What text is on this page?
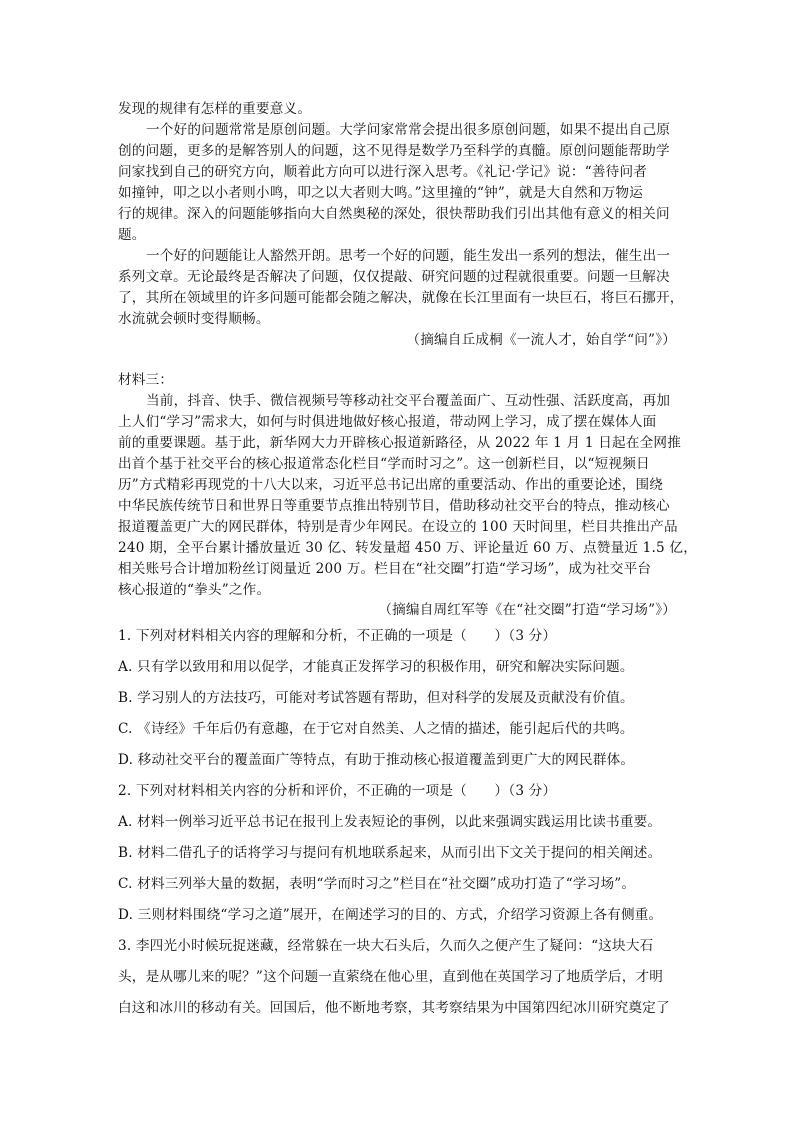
发现的规律有怎样的重要意义。
一个好的问题常常是原创问题。大学问家常常会提出很多原创问题，如果不提出自己原
创的问题，更多的是解答别人的问题，这不见得是数学乃至科学的真髓。原创问题能帮助学
问家找到自己的研究方向，顺着此方向可以进行深入思考。《礼记·学记》说：“善待问者
如撞钟，叩之以小者则小鸣，叩之以大者则大鸣。”这里撞的“钟”，就是大自然和万物运
行的规律。深入的问题能够指向大自然奥秘的深处，很快帮助我们引出其他有意义的相关问
题。
一个好的问题能让人豁然开朗。思考一个好的问题，能生发出一系列的想法，催生出一
系列文章。无论最终是否解决了问题，仅仅提敲、研究问题的过程就很重要。问题一旦解决
了，其所在领域里的许多问题可能都会随之解决，就像在长江里面有一块巨石，将巨石挪开，
水流就会顿时变得顺畅。
（摘编自丘成桐《一流人才，始自学“问”》）
材料三：
当前，抖音、快手、微信视频号等移动社交平台覆盖面广、互动性强、活跃度高，再加
上人们“学习”需求大，如何与时俱进地做好核心报道，带动网上学习，成了摆在媒体人面
前的重要课题。基于此，新华网大力开辟核心报道新路径，从 2022 年 1 月 1 日起在全网推
出首个基于社交平台的核心报道常态化栏目“学而时习之”。这一创新栏目，以“短视频日
历”方式精彩再现党的十八大以来，习近平总书记出席的重要活动、作出的重要论述，围绕
中华民族传统节日和世界日等重要节点推出特别节目，借助移动社交平台的特点，推动核心
报道覆盖更广大的网民群体，特别是青少年网民。在设立的 100 天时间里，栏目共推出产品
240 期，全平台累计播放量近 30 亿、转发量超 450 万、评论量近 60 万、点赞量近 1.5 亿，
相关账号合计增加粉丝订阅量近 200 万。栏目在“社交圈”打造“学习场”，成为社交平台
核心报道的“拳头”之作。
（摘编自周红军等《在“社交圈”打造“学习场”》）
1. 下列对材料相关内容的理解和分析，不正确的一项是（　　）（3 分）
A. 只有学以致用和用以促学，才能真正发挥学习的积极作用，研究和解决实际问题。
B. 学习别人的方法技巧，可能对考试答题有帮助，但对科学的发展及贡献没有价值。
C. 《诗经》千年后仍有意趣，在于它对自然美、人之情的描述，能引起后代的共鸣。
D. 移动社交平台的覆盖面广等特点，有助于推动核心报道覆盖到更广大的网民群体。
2. 下列对材料相关内容的分析和评价，不正确的一项是（　　）（3 分）
A. 材料一例举习近平总书记在报刊上发表短论的事例，以此来强调实践运用比读书重要。
B. 材料二借孔子的话将学习与提问有机地联系起来，从而引出下文关于提问的相关阐述。
C. 材料三列举大量的数据，表明“学而时习之”栏目在“社交圈”成功打造了“学习场”。
D. 三则材料围绕“学习之道”展开，在阐述学习的目的、方式，介绍学习资源上各有侧重。
3. 李四光小时候玩捉迷藏，经常躲在一块大石头后，久而久之便产生了疑问：“这块大石
头，是从哪儿来的呢？”这个问题一直萦绕在他心里，直到他在英国学习了地质学后，才明
白这和冰川的移动有关。回国后，他不断地考察，其考察结果为中国第四纪冰川研究奠定了
